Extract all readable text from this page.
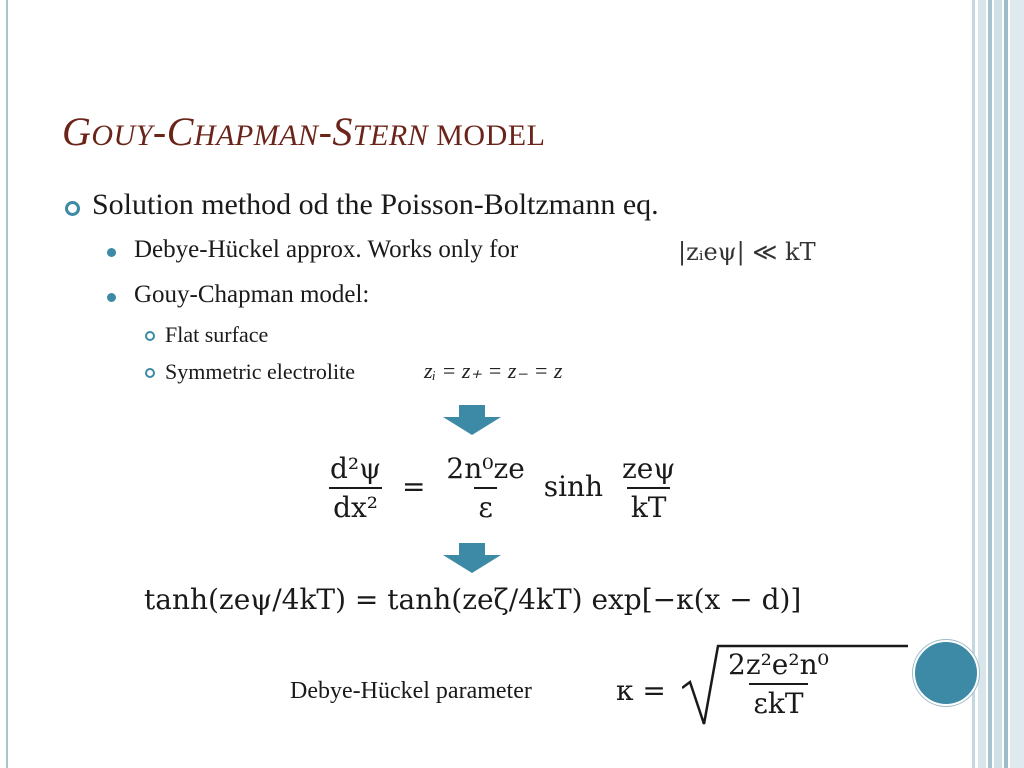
GOUY-CHAPMAN-STERN MODEL
Solution method od the Poisson-Boltzmann eq.
Debye-Hückel approx. Works only for	|zᵢeψ| ≪ kT
Gouy-Chapman model:
Flat surface
Symmetric electrolite	zᵢ = z₊ = z₋ = z
$\frac{\text{d²ψ}}{\text{dx²}} = \frac{\text{2n⁰ze}}{\varepsilon}$ $\sinh \frac{\text{zeψ}}{kT}$
tanh(zeψ/4kT) = tanh(zeζ/4kT) exp[−κ(x − d)]
Debye-Hückel parameter	κ =
2z²e²n⁰
εkT
